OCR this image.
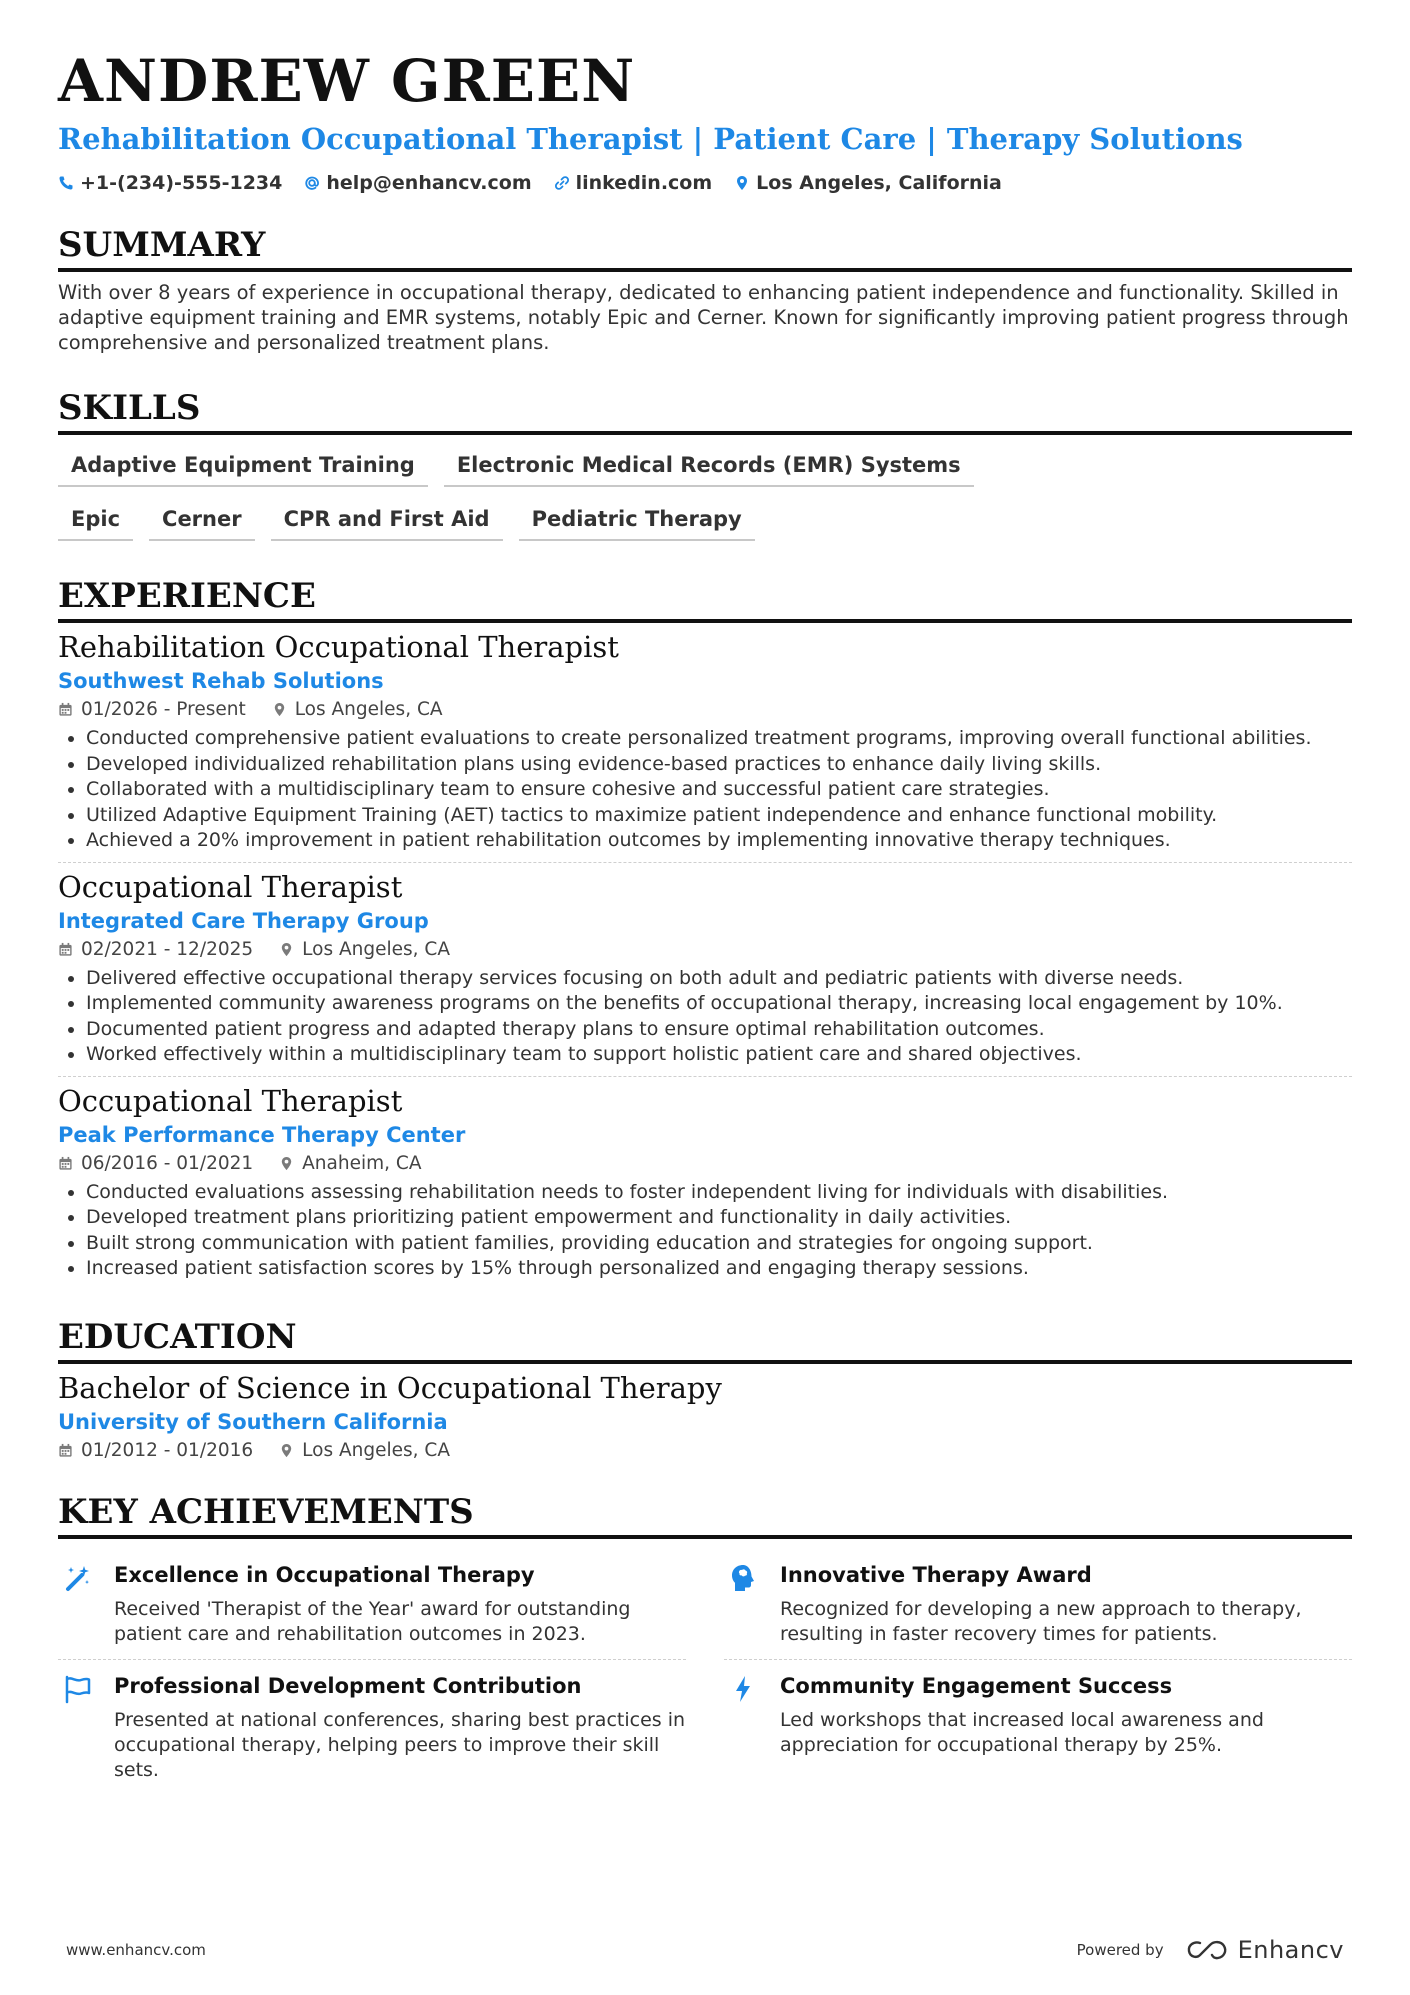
ANDREW GREEN
Rehabilitation Occupational Therapist | Patient Care | Therapy Solutions
+1-(234)-555-1234 help@enhancv.com linkedin.com Los Angeles, California
SUMMARY
With over 8 years of experience in occupational therapy, dedicated to enhancing patient independence and functionality. Skilled in adaptive equipment training and EMR systems, notably Epic and Cerner. Known for significantly improving patient progress through comprehensive and personalized treatment plans.
SKILLS
Adaptive Equipment Training	Electronic Medical Records (EMR) Systems
Epic	Cerner	CPR and First Aid	Pediatric Therapy
EXPERIENCE
Rehabilitation Occupational Therapist
Southwest Rehab Solutions
01/2026 - Present	Los Angeles, CA
• Conducted comprehensive patient evaluations to create personalized treatment programs, improving overall functional abilities.
• Developed individualized rehabilitation plans using evidence-based practices to enhance daily living skills.
• Collaborated with a multidisciplinary team to ensure cohesive and successful patient care strategies.
• Utilized Adaptive Equipment Training (AET) tactics to maximize patient independence and enhance functional mobility.
• Achieved a 20% improvement in patient rehabilitation outcomes by implementing innovative therapy techniques.
Occupational Therapist
Integrated Care Therapy Group
02/2021 - 12/2025	Los Angeles, CA
• Delivered effective occupational therapy services focusing on both adult and pediatric patients with diverse needs.
• Implemented community awareness programs on the benefits of occupational therapy, increasing local engagement by 10%.
• Documented patient progress and adapted therapy plans to ensure optimal rehabilitation outcomes.
• Worked effectively within a multidisciplinary team to support holistic patient care and shared objectives.
Occupational Therapist
Peak Performance Therapy Center
06/2016 - 01/2021	Anaheim, CA
• Conducted evaluations assessing rehabilitation needs to foster independent living for individuals with disabilities.
• Developed treatment plans prioritizing patient empowerment and functionality in daily activities.
• Built strong communication with patient families, providing education and strategies for ongoing support.
• Increased patient satisfaction scores by 15% through personalized and engaging therapy sessions.
EDUCATION
Bachelor of Science in Occupational Therapy
University of Southern California
01/2012 - 01/2016	Los Angeles, CA
KEY ACHIEVEMENTS
Excellence in Occupational Therapy
Received 'Therapist of the Year' award for outstanding patient care and rehabilitation outcomes in 2023.
Innovative Therapy Award
Recognized for developing a new approach to therapy, resulting in faster recovery times for patients.
Professional Development Contribution
Presented at national conferences, sharing best practices in occupational therapy, helping peers to improve their skill sets.
Community Engagement Success
Led workshops that increased local awareness and appreciation for occupational therapy by 25%.
www.enhancv.com	Powered by	Enhancv
